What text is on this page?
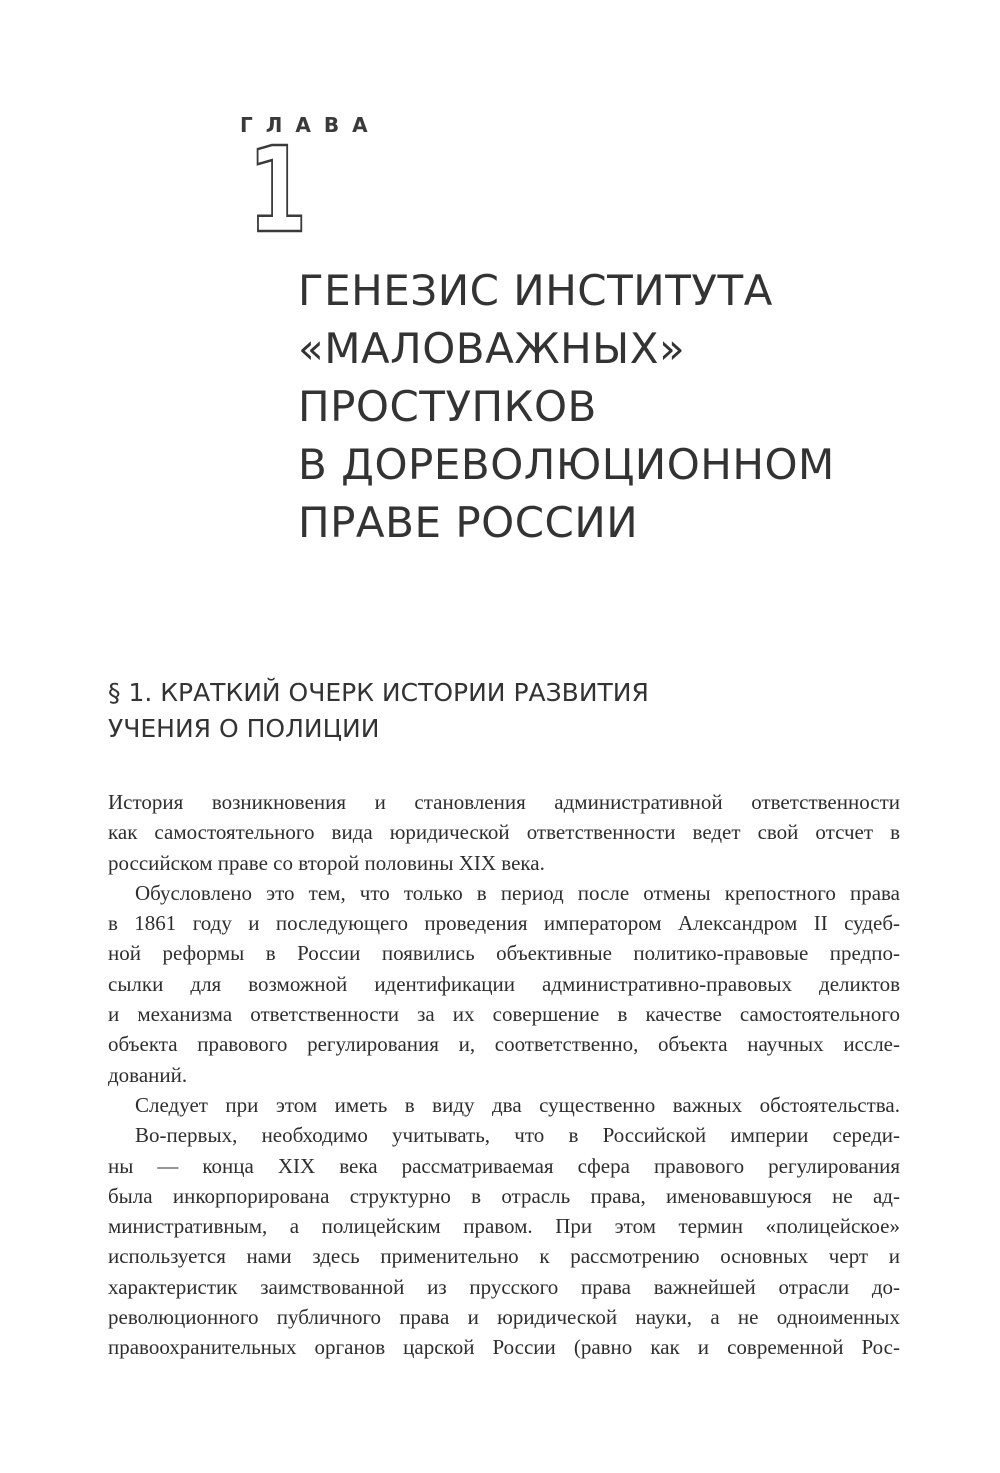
ГЛАВА
1
ГЕНЕЗИС ИНСТИТУТА
«МАЛОВАЖНЫХ»
ПРОСТУПКОВ
В ДОРЕВОЛЮЦИОННОМ
ПРАВЕ РОССИИ
§ 1. КРАТКИЙ ОЧЕРК ИСТОРИИ РАЗВИТИЯ
УЧЕНИЯ О ПОЛИЦИИ
История возникновения и становления административной ответственности
как самостоятельного вида юридической ответственности ведет свой отсчет в
российском праве со второй половины XIX века.
Обусловлено это тем, что только в период после отмены крепостного права
в 1861 году и последующего проведения императором Александром II судеб-
ной реформы в России появились объективные политико-правовые предпо-
сылки для возможной идентификации административно-правовых деликтов
и механизма ответственности за их совершение в качестве самостоятельного
объекта правового регулирования и, соответственно, объекта научных иссле-
дований.
Следует при этом иметь в виду два существенно важных обстоятельства.
Во-первых, необходимо учитывать, что в Российской империи середи-
ны — конца XIX века рассматриваемая сфера правового регулирования
была инкорпорирована структурно в отрасль права, именовавшуюся не ад-
министративным, а полицейским правом. При этом термин «полицейское»
используется нами здесь применительно к рассмотрению основных черт и
характеристик заимствованной из прусского права важнейшей отрасли до-
революционного публичного права и юридической науки, а не одноименных
правоохранительных органов царской России (равно как и современной Рос-
